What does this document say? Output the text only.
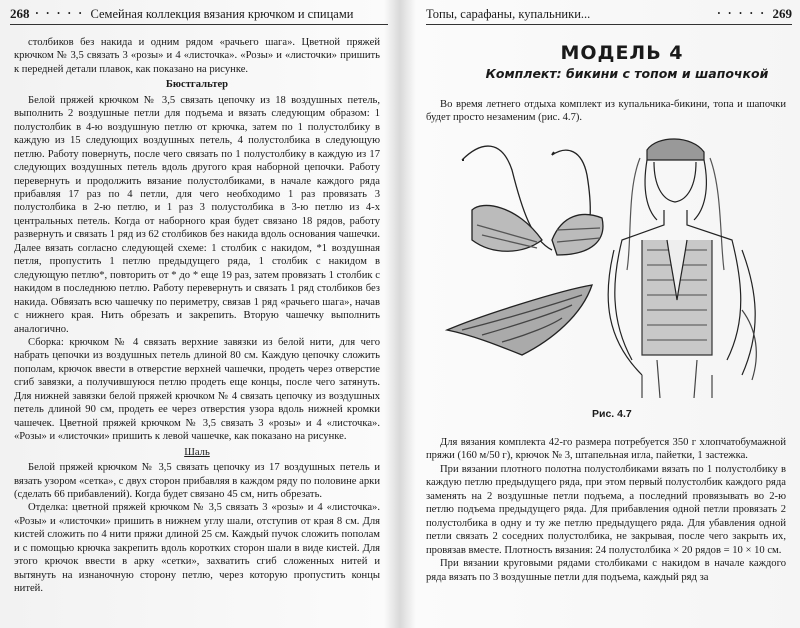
268 • • • • • Семейная коллекция вязания крючком и спицами

столбиков без накида и одним рядом «рачьего шага». Цветной пряжей крючком № 3,5 связать 3 «розы» и 4 «листочка». «Розы» и «листочки» пришить к передней детали плавок, как показано на рисунке.

Бюстгальтер

Белой пряжей крючком № 3,5 связать цепочку из 18 воздушных петель, выполнить 2 воздушные петли для подъема и вязать следующим образом: 1 полустолбик в 4-ю воздушную петлю от крючка, затем по 1 полустолбику в каждую из 15 следующих воздушных петель, 4 полустолбика в следующую петлю. Работу повернуть, после чего связать по 1 полустолбику в каждую из 17 следующих воздушных петель вдоль другого края наборной цепочки. Работу перевернуть и продолжить вязание полустолбиками, в начале каждого ряда прибавляя 17 раз по 4 петли, для чего необходимо 1 раз провязать 3 полустолбика в 2-ю петлю, и 1 раз 3 полустолбика в 3-ю петлю из 4-х центральных петель. Когда от наборного края будет связано 18 рядов, работу развернуть и связать 1 ряд из 62 столбиков без накида вдоль основания чашечки. Далее вязать согласно следующей схеме: 1 столбик с накидом, *1 воздушная петля, пропустить 1 петлю предыдущего ряда, 1 столбик с накидом в следующую петлю*, повторить от * до * еще 19 раз, затем провязать 1 столбик с накидом в последнюю петлю. Работу перевернуть и связать 1 ряд столбиков без накида. Обвязать всю чашечку по периметру, связав 1 ряд «рачьего шага», начав с нижнего края. Нить обрезать и закрепить. Вторую чашечку выполнить аналогично.

Сборка: крючком № 4 связать верхние завязки из белой нити, для чего набрать цепочки из воздушных петель длиной 80 см. Каждую цепочку сложить пополам, крючок ввести в отверстие верхней чашечки, продеть через отверстие сгиб завязки, а получившуюся петлю продеть еще концы, после чего затянуть. Для нижней завязки белой пряжей крючком № 4 связать цепочку из воздушных петель длиной 90 см, продеть ее через отверстия узора вдоль нижней кромки чашечек. Цветной пряжей крючком № 3,5 связать 3 «розы» и 4 «листочка». «Розы» и «листочки» пришить к левой чашечке, как показано на рисунке.

Шаль

Белой пряжей крючком № 3,5 связать цепочку из 17 воздушных петель и вязать узором «сетка», с двух сторон прибавляя в каждом ряду по половине арки (сделать 66 прибавлений). Когда будет связано 45 см, нить обрезать.

Отделка: цветной пряжей крючком № 3,5 связать 3 «розы» и 4 «листочка». «Розы» и «листочки» пришить в нижнем углу шали, отступив от края 8 см. Для кистей сложить по 4 нити пряжи длиной 25 см. Каждый пучок сложить пополам и с помощью крючка закрепить вдоль коротких сторон шали в виде кистей. Для этого крючок ввести в арку «сетки», захватить сгиб сложенных нитей и вытянуть на изнаночную сторону петлю, через которую пропустить концы нитей.

Топы, сарафаны, купальники...	• • • • • 269
МОДЕЛЬ 4
Комплект: бикини с топом и шапочкой

Во время летнего отдыха комплект из купальника-бикини, топа и шапочки будет просто незаменим (рис. 4.7).

Рис. 4.7

Для вязания комплекта 42-го размера потребуется 350 г хлопчатобумажной пряжи (160 м/50 г), крючок № 3, штапельная игла, пайетки, 1 застежка.

При вязании плотного полотна полустолбиками вязать по 1 полустолбику в каждую петлю предыдущего ряда, при этом первый полустолбик каждого ряда заменять на 2 воздушные петли подъема, а последний провязывать во 2-ю петлю подъема предыдущего ряда. Для прибавления одной петли провязать 2 полустолбика в одну и ту же петлю предыдущего ряда. Для убавления одной петли связать 2 соседних полустолбика, не закрывая, после чего закрыть их, провязав вместе. Плотность вязания: 24 полустолбика × 20 рядов = 10 × 10 см.

При вязании круговыми рядами столбиками с накидом в начале каждого ряда вязать по 3 воздушные петли для подъема, каждый ряд за
